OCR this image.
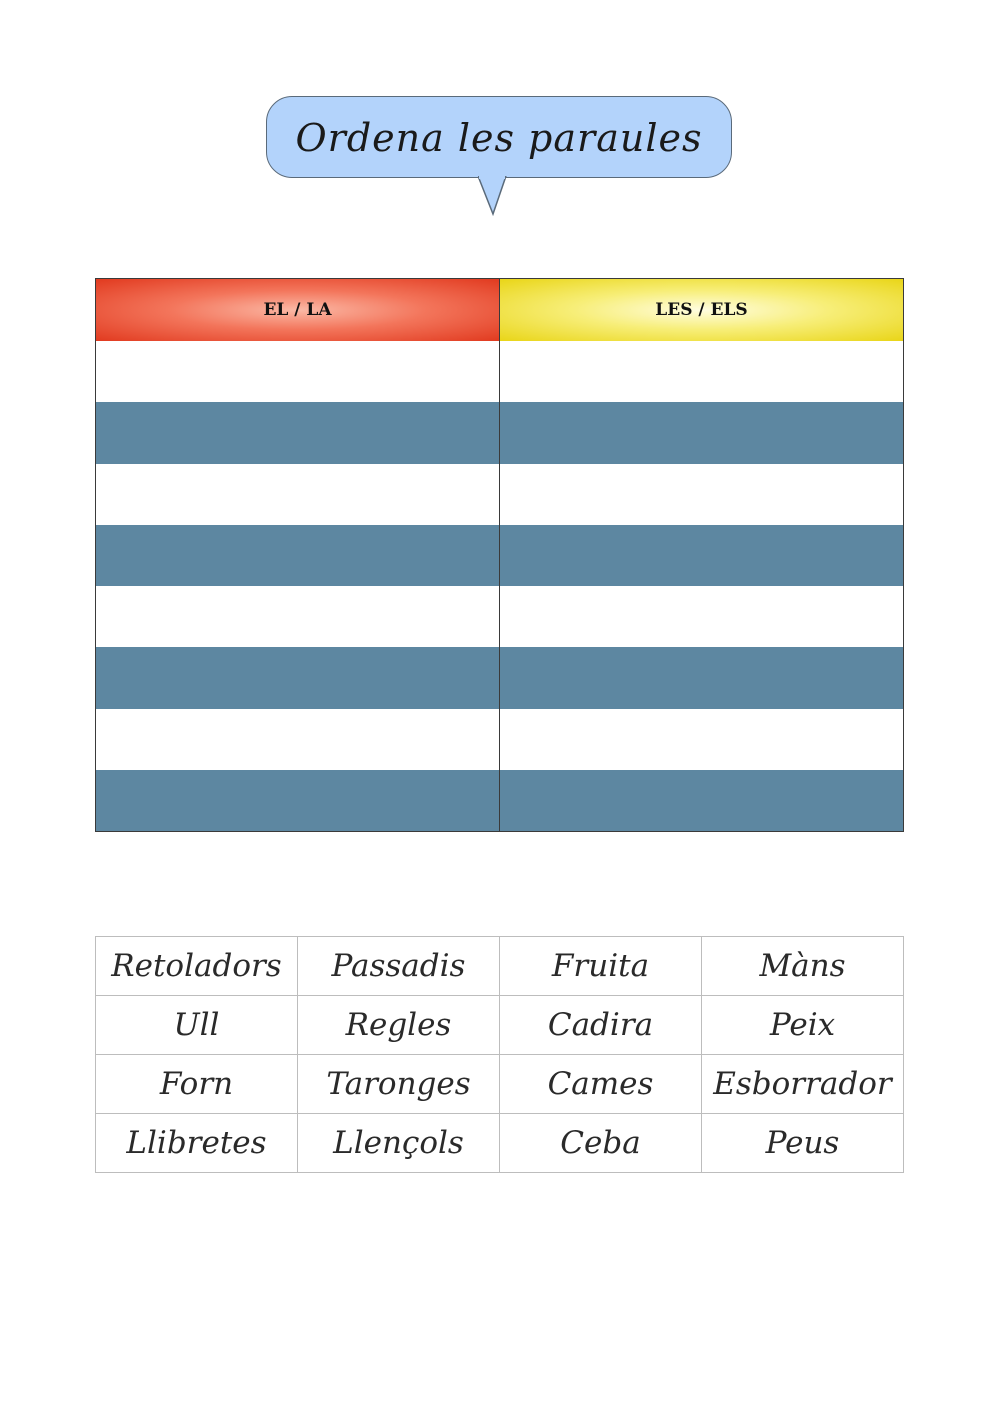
Ordena les paraules
EL / LA	LES / ELS
Retoladors	Passadis	Fruita	Màns
Ull	Regles	Cadira	Peix
Forn	Taronges	Cames	Esborrador
Llibretes	Llençols	Ceba	Peus
